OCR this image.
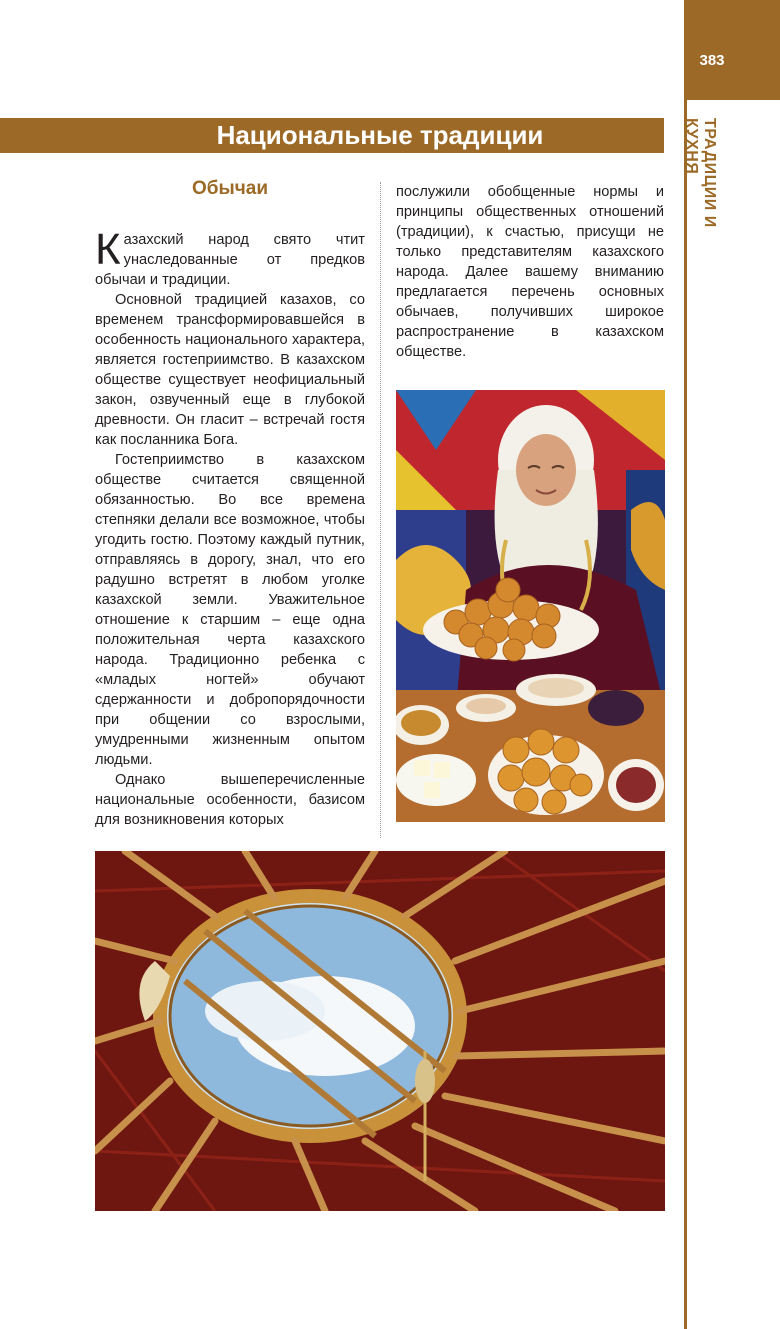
383
ТРАДИЦИИ И КУХНЯ
Национальные традиции
Обычаи

Казахский народ свято чтит унаследованные от предков обычаи и традиции.

Основной традицией казахов, со временем трансформировавшейся в особенность национального характера, является гостеприимство. В казахском обществе существует неофициальный закон, озвученный еще в глубокой древности. Он гласит – встречай гостя как посланника Бога.

Гостеприимство в казахском обществе считается священной обязанностью. Во все времена степняки делали все возможное, чтобы угодить гостю. Поэтому каждый путник, отправляясь в дорогу, знал, что его радушно встретят в любом уголке казахской земли. Уважительное отношение к старшим – еще одна положительная черта казахского народа. Традиционно ребенка с «младых ногтей» обучают сдержанности и добропорядочности при общении со взрослыми, умудренными жизненным опытом людьми.

Однако вышеперечисленные национальные особенности, базисом для возникновения которых

послужили обобщенные нормы и принципы общественных отношений (традиции), к счастью, присущи не только представителям казахского народа. Далее вашему вниманию предлагается перечень основных обычаев, получивших широкое распространение в казахском обществе.
